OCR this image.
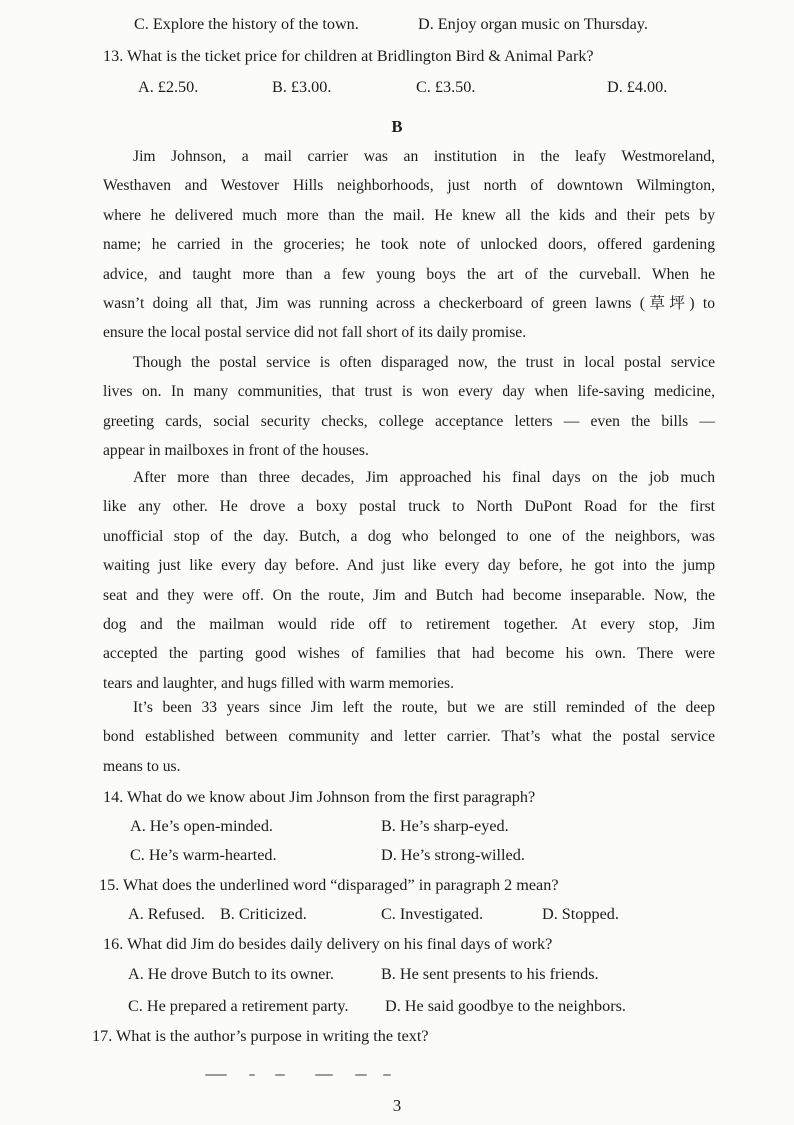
C. Explore the history of the town.	D. Enjoy organ music on Thursday.
13. What is the ticket price for children at Bridlington Bird & Animal Park?
A. £2.50.	B. £3.00.	C. £3.50.	D. £4.00.
B
Jim Johnson, a mail carrier was an institution in the leafy Westmoreland,
Westhaven and Westover Hills neighborhoods, just north of downtown Wilmington,
where he delivered much more than the mail. He knew all the kids and their pets by
name; he carried in the groceries; he took note of unlocked doors, offered gardening
advice, and taught more than a few young boys the art of the curveball. When he
wasn’t doing all that, Jim was running across a checkerboard of green lawns (草坪) to
ensure the local postal service did not fall short of its daily promise.
Though the postal service is often disparaged now, the trust in local postal service
lives on. In many communities, that trust is won every day when life-saving medicine,
greeting cards, social security checks, college acceptance letters — even the bills —
appear in mailboxes in front of the houses.
After more than three decades, Jim approached his final days on the job much
like any other. He drove a boxy postal truck to North DuPont Road for the first
unofficial stop of the day. Butch, a dog who belonged to one of the neighbors, was
waiting just like every day before. And just like every day before, he got into the jump
seat and they were off. On the route, Jim and Butch had become inseparable. Now, the
dog and the mailman would ride off to retirement together. At every stop, Jim
accepted the parting good wishes of families that had become his own. There were
tears and laughter, and hugs filled with warm memories.
It’s been 33 years since Jim left the route, but we are still reminded of the deep
bond established between community and letter carrier. That’s what the postal service
means to us.
14. What do we know about Jim Johnson from the first paragraph?
A. He’s open-minded.	B. He’s sharp-eyed.
C. He’s warm-hearted.	D. He’s strong-willed.
15. What does the underlined word “disparaged” in paragraph 2 mean?
A. Refused. B. Criticized.	C. Investigated.	D. Stopped.
16. What did Jim do besides daily delivery on his final days of work?
A. He drove Butch to its owner.	B. He sent presents to his friends.
C. He prepared a retirement party. D. He said goodbye to the neighbors.
17. What is the author’s purpose in writing the text?
3
